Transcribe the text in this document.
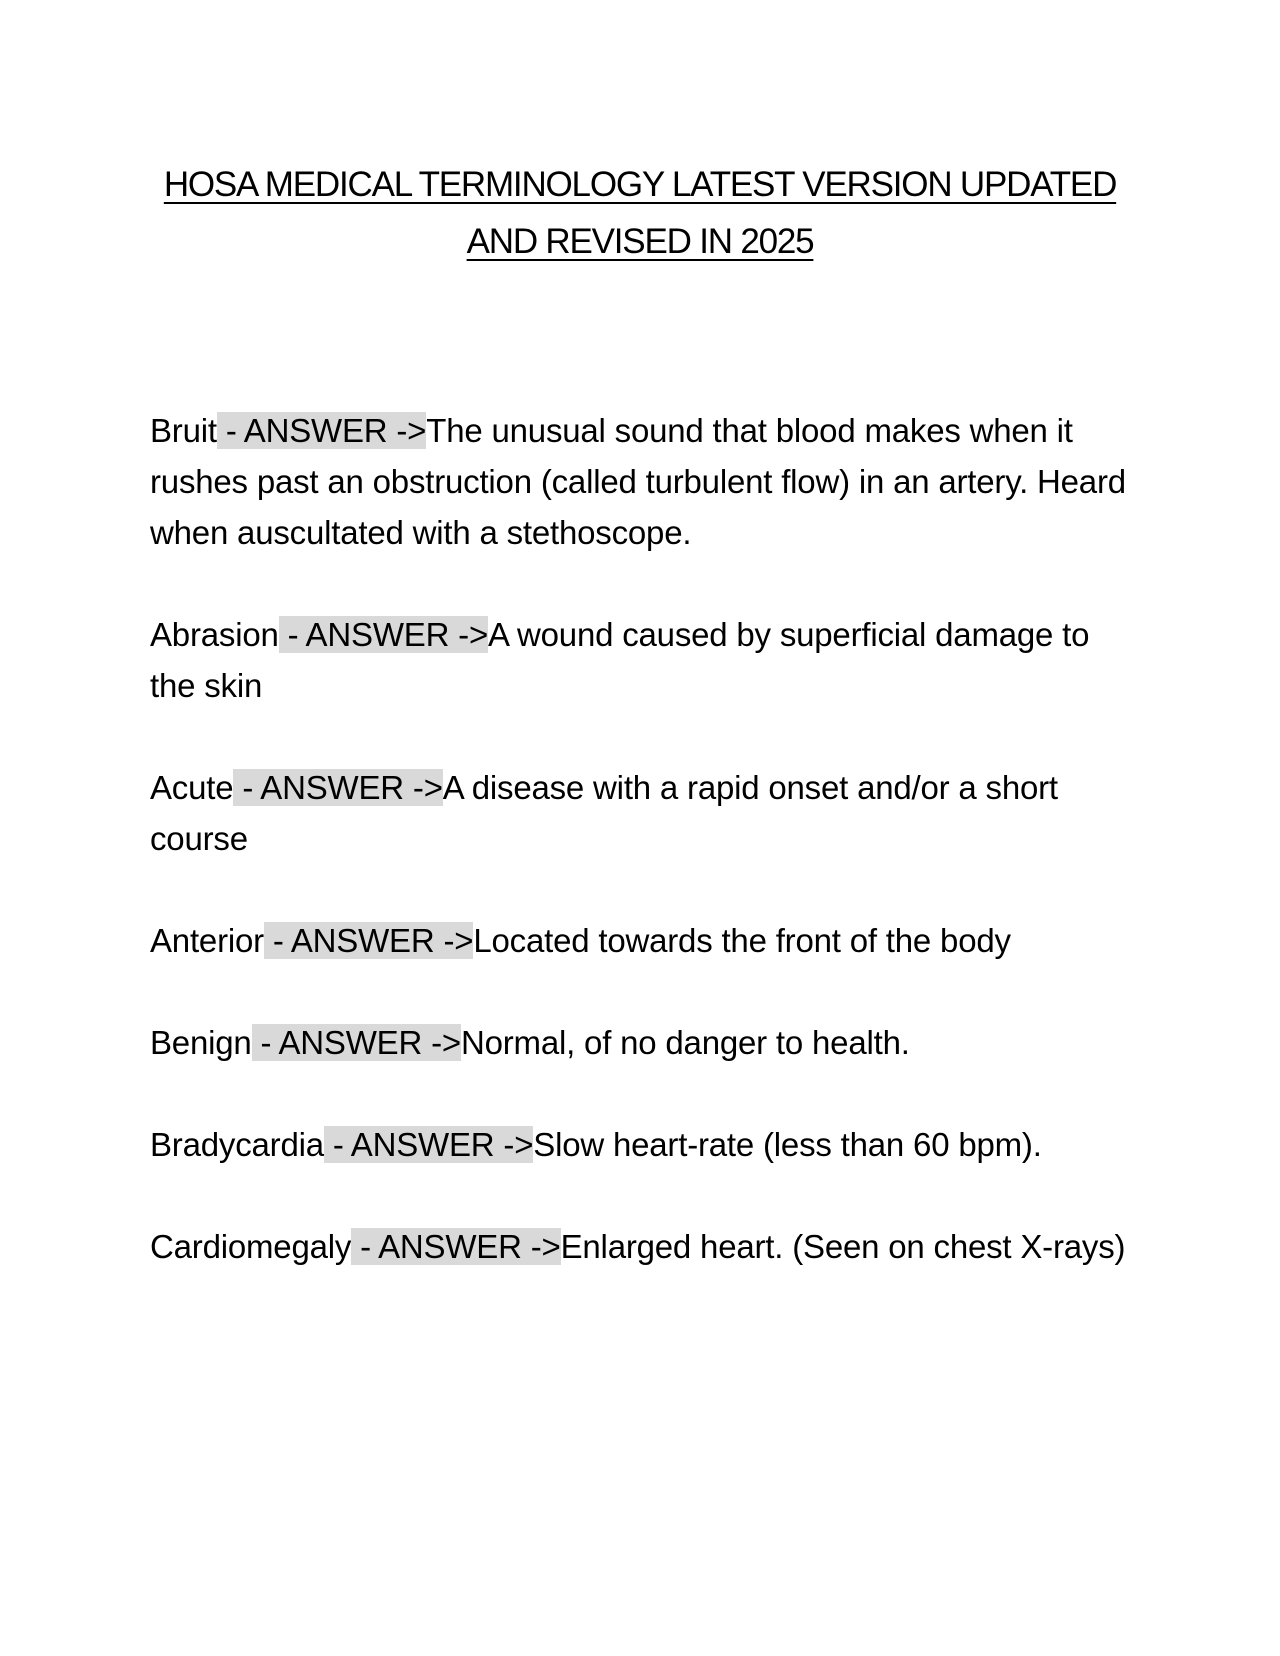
HOSA MEDICAL TERMINOLOGY LATEST VERSION UPDATED
AND REVISED IN 2025
Bruit - ANSWER ->The unusual sound that blood makes when it rushes past an obstruction (called turbulent flow) in an artery. Heard when auscultated with a stethoscope.
Abrasion - ANSWER ->A wound caused by superficial damage to the skin
Acute - ANSWER ->A disease with a rapid onset and/or a short course
Anterior - ANSWER ->Located towards the front of the body
Benign - ANSWER ->Normal, of no danger to health.
Bradycardia - ANSWER ->Slow heart-rate (less than 60 bpm).
Cardiomegaly - ANSWER ->Enlarged heart. (Seen on chest X-rays)
